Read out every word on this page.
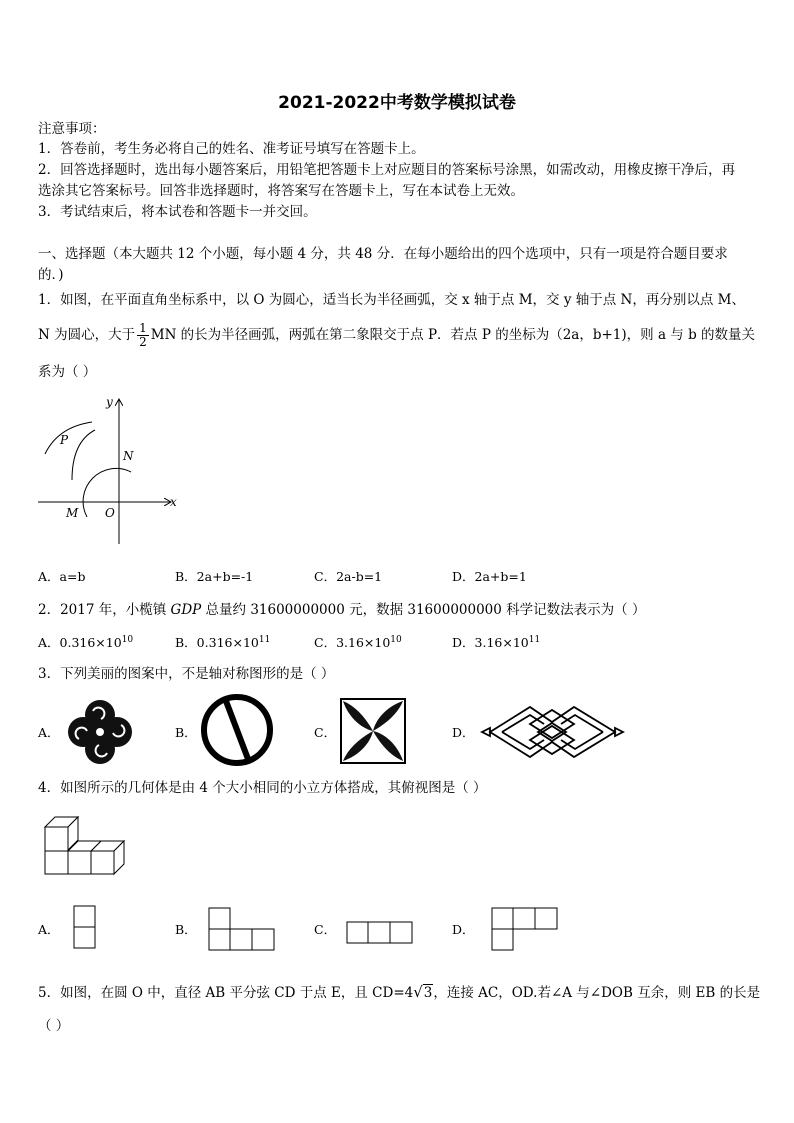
2021-2022中考数学模拟试卷
注意事项：
1．答卷前，考生务必将自己的姓名、准考证号填写在答题卡上。
2．回答选择题时，选出每小题答案后，用铅笔把答题卡上对应题目的答案标号涂黑，如需改动，用橡皮擦干净后，再
选涂其它答案标号。回答非选择题时，将答案写在答题卡上，写在本试卷上无效。
3．考试结束后，将本试卷和答题卡一并交回。
一、选择题（本大题共 12 个小题，每小题 4 分，共 48 分．在每小题给出的四个选项中，只有一项是符合题目要求
的．)
1．如图，在平面直角坐标系中，以 O 为圆心，适当长为半径画弧，交 x 轴于点 M，交 y 轴于点 N，再分别以点 M、
N 为圆心，大于 $\frac{1}{2}$ MN 的长为半径画弧，两弧在第二象限交于点 P．若点 P 的坐标为（2a，b+1)，则 a 与 b 的数量关
系为（ ）
y
x
P
N
M O
A．a=b	B．2a+b=-1	C．2a-b=1	D．2a+b=1
2．2017 年，小榄镇 GDP 总量约 31600000000 元，数据 31600000000 科学记数法表示为（ ）
A．$0.316\times 10^{10}$	B．$0.316\times 10^{11}$	C．$3.16\times 10^{10}$	D．$3.16\times 10^{11}$
3．下列美丽的图案中，不是轴对称图形的是（ ）
A．	B．	C．	D．
4．如图所示的几何体是由 4 个大小相同的小立方体搭成，其俯视图是（ ）
A．	B．	C．	D．
5．如图，在圆 O 中，直径 AB 平分弦 CD 于点 E，且 CD=4√3，连接 AC，OD.若∠A 与∠DOB 互余，则 EB 的长是
（ ）
